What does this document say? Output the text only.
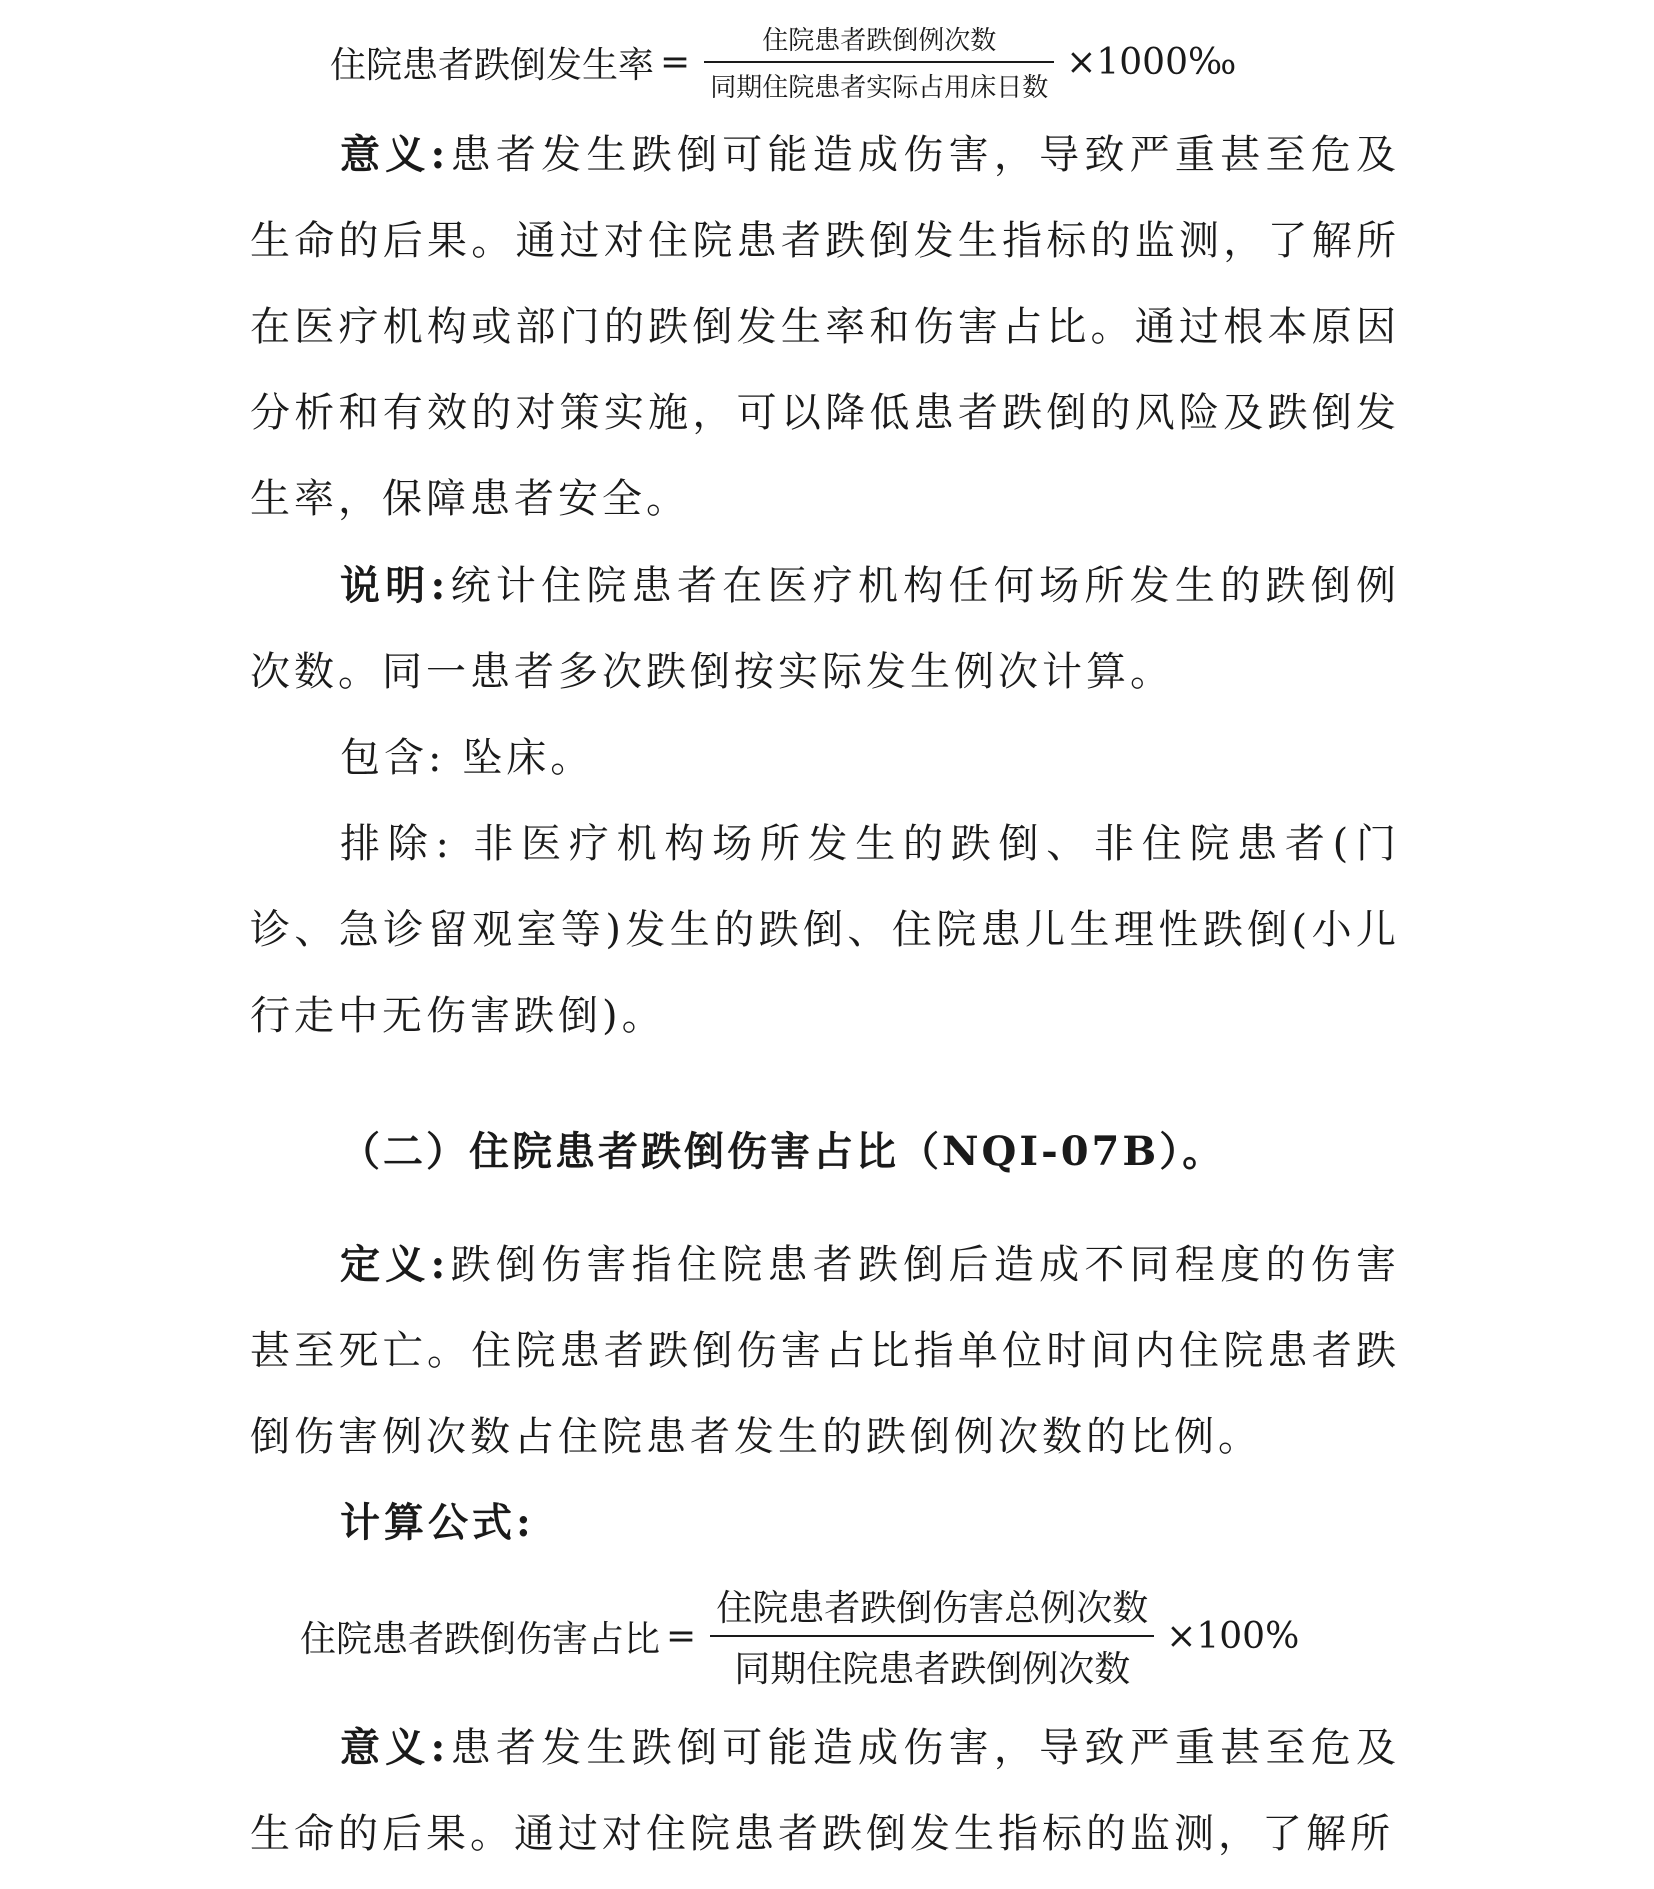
住院患者跌倒发生率 = $\frac{\text{住院患者跌倒例次数}}{\text{同期住院患者实际占用床日数}}$ ×1000‰

意义:患者发生跌倒可能造成伤害，导致严重甚至危及生命的后果。通过对住院患者跌倒发生指标的监测，了解所在医疗机构或部门的跌倒发生率和伤害占比。通过根本原因分析和有效的对策实施，可以降低患者跌倒的风险及跌倒发生率，保障患者安全。

说明:统计住院患者在医疗机构任何场所发生的跌倒例次数。同一患者多次跌倒按实际发生例次计算。

包含: 坠床。

排除: 非医疗机构场所发生的跌倒、非住院患者(门诊、急诊留观室等)发生的跌倒、住院患儿生理性跌倒(小儿行走中无伤害跌倒)。

（二）住院患者跌倒伤害占比（NQI-07B）。

定义:跌倒伤害指住院患者跌倒后造成不同程度的伤害甚至死亡。住院患者跌倒伤害占比指单位时间内住院患者跌倒伤害例次数占住院患者发生的跌倒例次数的比例。

计算公式:

住院患者跌倒伤害占比 = $\frac{\text{住院患者跌倒伤害总例次数}}{\text{同期住院患者跌倒例次数}} \times 100\%$

意义:患者发生跌倒可能造成伤害，导致严重甚至危及生命的后果。通过对住院患者跌倒发生指标的监测，了解所
